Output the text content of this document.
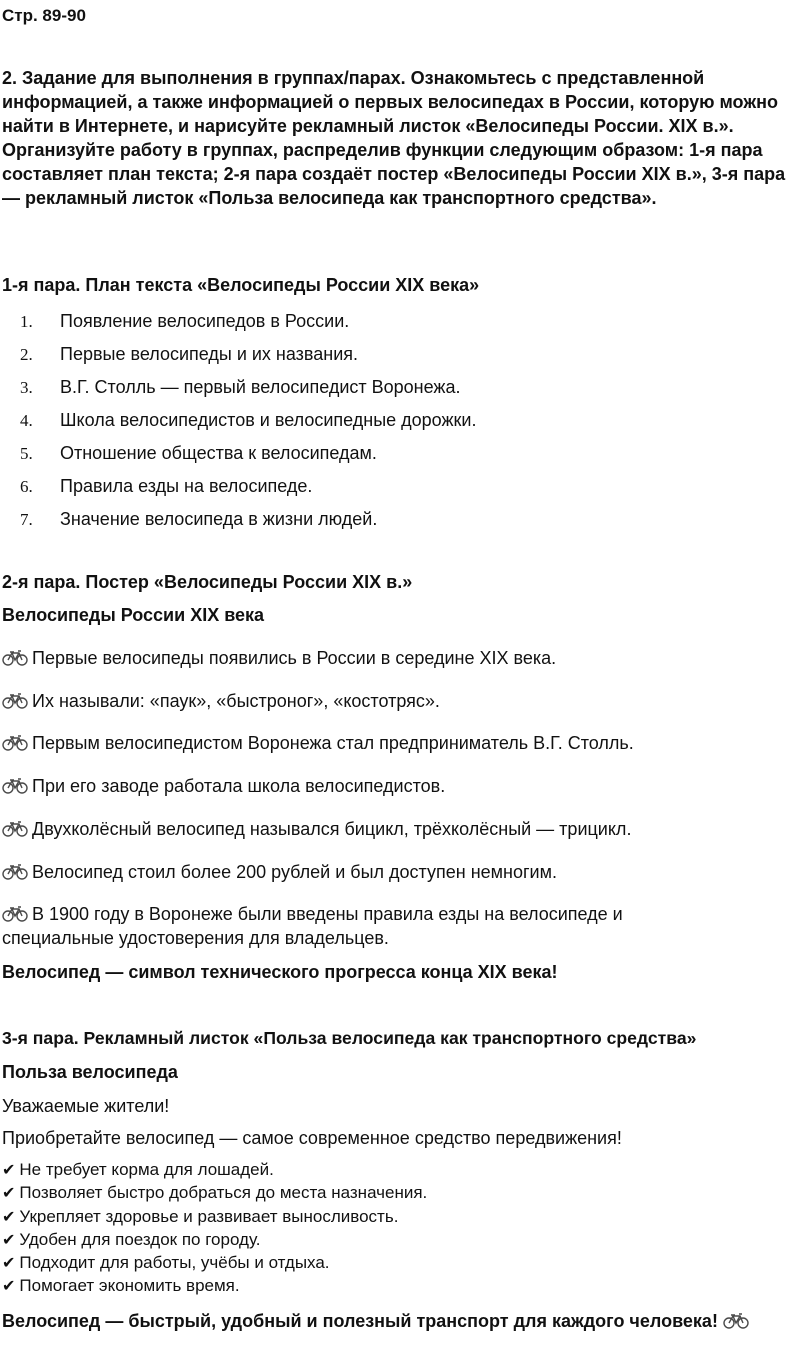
Стр. 89-90
2. Задание для выполнения в группах/парах. Ознакомьтесь с представленной информацией, а также информацией о первых велосипедах в России, которую можно найти в Интернете, и нарисуйте рекламный листок «Велосипеды России. XIX в.». Организуйте работу в группах, распределив функции следующим образом: 1-я пара составляет план текста; 2-я пара создаёт постер «Велосипеды России XIX в.», 3-я пара — рекламный листок «Польза велосипеда как транспортного средства».
1-я пара. План текста «Велосипеды России XIX века»
1.	Появление велосипедов в России.
2.	Первые велосипеды и их названия.
3.	В.Г. Столль — первый велосипедист Воронежа.
4.	Школа велосипедистов и велосипедные дорожки.
5.	Отношение общества к велосипедам.
6.	Правила езды на велосипеде.
7.	Значение велосипеда в жизни людей.
2-я пара. Постер «Велосипеды России XIX в.»
Велосипеды России XIX века
Первые велосипеды появились в России в середине XIX века.
Их называли: «паук», «быстроног», «костотряс».
Первым велосипедистом Воронежа стал предприниматель В.Г. Столль.
При его заводе работала школа велосипедистов.
Двухколёсный велосипед назывался бицикл, трёхколёсный — трицикл.
Велосипед стоил более 200 рублей и был доступен немногим.
В 1900 году в Воронеже были введены правила езды на велосипеде и специальные удостоверения для владельцев.
Велосипед — символ технического прогресса конца XIX века!
3-я пара. Рекламный листок «Польза велосипеда как транспортного средства»
Польза велосипеда
Уважаемые жители!
Приобретайте велосипед — самое современное средство передвижения!
✔ Не требует корма для лошадей.
✔ Позволяет быстро добраться до места назначения.
✔ Укрепляет здоровье и развивает выносливость.
✔ Удобен для поездок по городу.
✔ Подходит для работы, учёбы и отдыха.
✔ Помогает экономить время.
Велосипед — быстрый, удобный и полезный транспорт для каждого человека!
